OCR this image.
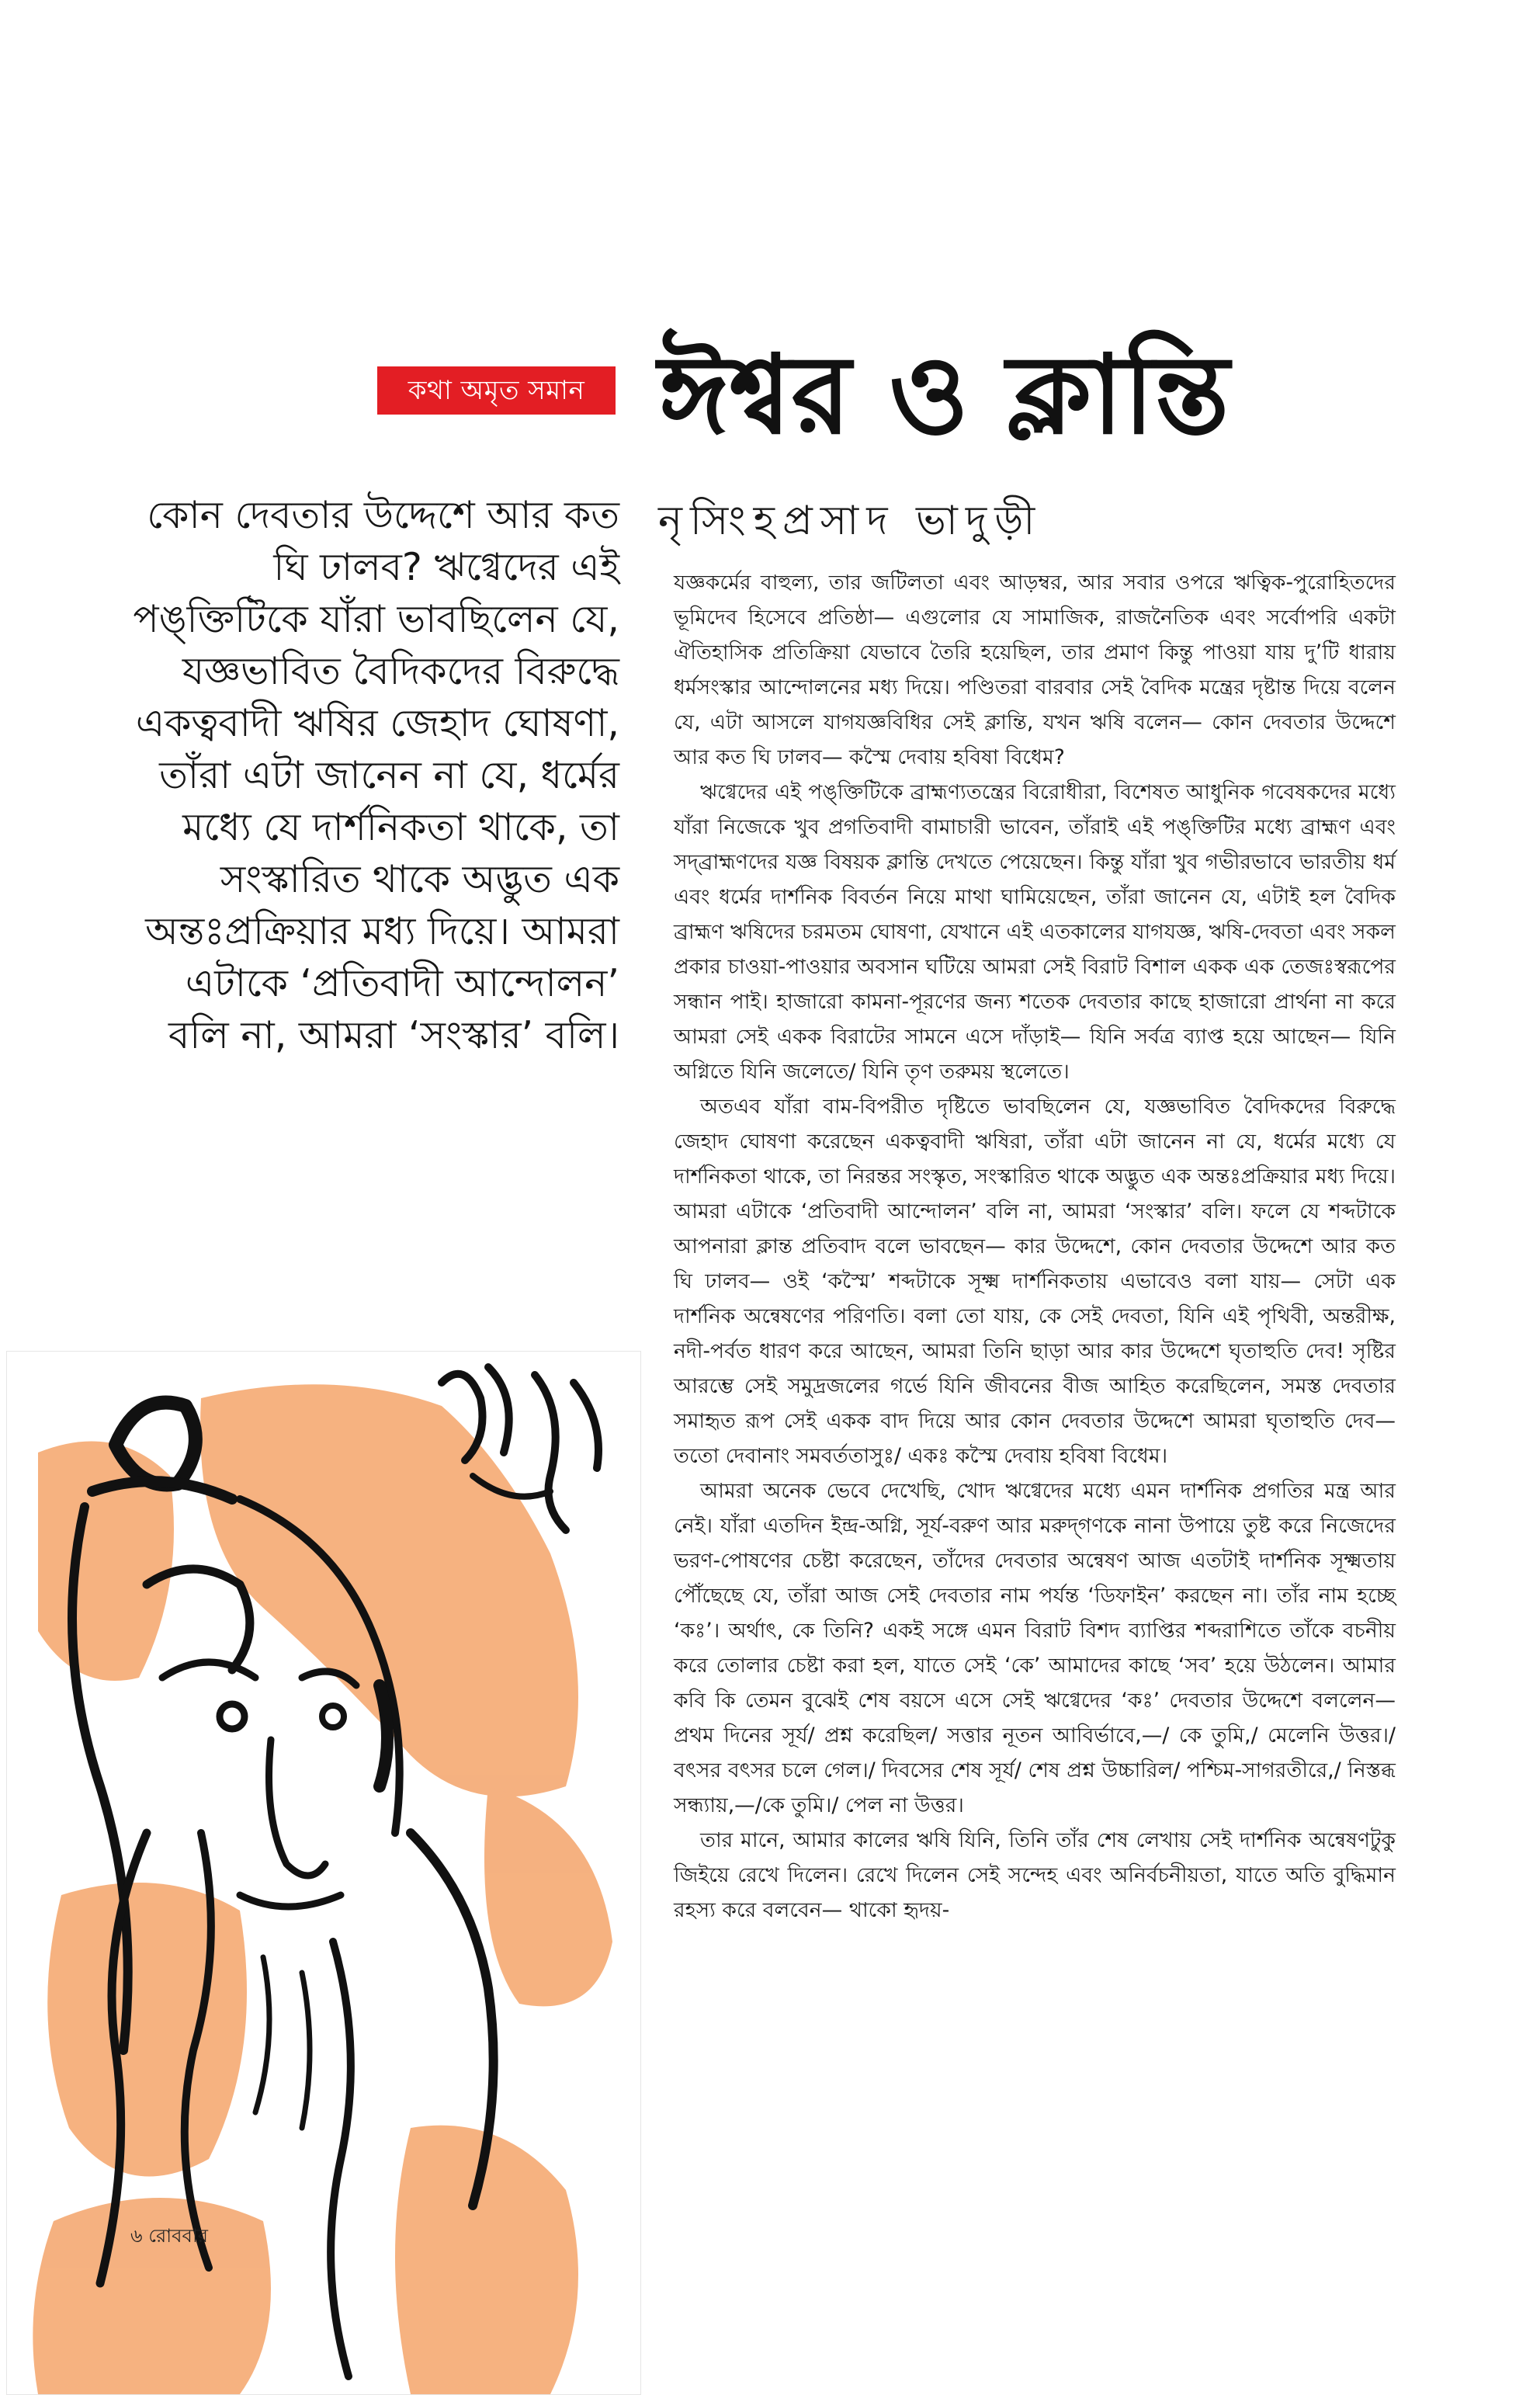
কথা অমৃত সমান ঈশ্বর ও ক্লান্তি
নৃসিংহপ্রসাদ ভাদুড়ী
কোন দেবতার উদ্দেশে আর কত ঘি ঢালব? ঋগ্বেদের এই পঙ্‌ক্তিটিকে যাঁরা ভাবছিলেন যে, যজ্ঞভাবিত বৈদিকদের বিরুদ্ধে একত্ববাদী ঋষির জেহাদ ঘোষণা, তাঁরা এটা জানেন না যে, ধর্মের মধ্যে যে দার্শনিকতা থাকে, তা সংস্কারিত থাকে অদ্ভুত এক অন্তঃপ্রক্রিয়ার মধ্য দিয়ে। আমরা এটাকে ‘প্রতিবাদী আন্দোলন’ বলি না, আমরা ‘সংস্কার’ বলি।

যজ্ঞকর্মের বাহুল্য, তার জটিলতা এবং আড়ম্বর, আর সবার ওপরে ঋত্বিক-পুরোহিতদের ভূমিদেব হিসেবে প্রতিষ্ঠা— এগুলোর যে সামাজিক, রাজনৈতিক এবং সর্বোপরি একটা ঐতিহাসিক প্রতিক্রিয়া যেভাবে তৈরি হয়েছিল, তার প্রমাণ কিন্তু পাওয়া যায় দু’টি ধারায় ধর্মসংস্কার আন্দোলনের মধ্য দিয়ে। পণ্ডিতরা বারবার সেই বৈদিক মন্ত্রের দৃষ্টান্ত দিয়ে বলেন যে, এটা আসলে যাগযজ্ঞবিধির সেই ক্লান্তি, যখন ঋষি বলেন— কোন দেবতার উদ্দেশে আর কত ঘি ঢালব— কস্মৈ দেবায় হবিষা বিধেম?

ঋগ্বেদের এই পঙ্‌ক্তিটিকে ব্রাহ্মণ্যতন্ত্রের বিরোধীরা, বিশেষত আধুনিক গবেষকদের মধ্যে যাঁরা নিজেকে খুব প্রগতিবাদী বামাচারী ভাবেন, তাঁরাই এই পঙ্‌ক্তিটির মধ্যে ব্রাহ্মণ এবং সদ্‌ব্রাহ্মণদের যজ্ঞ বিষয়ক ক্লান্তি দেখতে পেয়েছেন। কিন্তু যাঁরা খুব গভীরভাবে ভারতীয় ধর্ম এবং ধর্মের দার্শনিক বিবর্তন নিয়ে মাথা ঘামিয়েছেন, তাঁরা জানেন যে, এটাই হল বৈদিক ব্রাহ্মণ ঋষিদের চরমতম ঘোষণা, যেখানে এই এতকালের যাগযজ্ঞ, ঋষি-দেবতা এবং সকল প্রকার চাওয়া-পাওয়ার অবসান ঘটিয়ে আমরা সেই বিরাট বিশাল একক এক তেজঃস্বরূপের সন্ধান পাই। হাজারো কামনা-পূরণের জন্য শতেক দেবতার কাছে হাজারো প্রার্থনা না করে আমরা সেই একক বিরাটের সামনে এসে দাঁড়াই— যিনি সর্বত্র ব্যাপ্ত হয়ে আছেন— যিনি অগ্নিতে যিনি জলেতে/ যিনি তৃণ তরুময় স্থলেতে।

অতএব যাঁরা বাম-বিপরীত দৃষ্টিতে ভাবছিলেন যে, যজ্ঞভাবিত বৈদিকদের বিরুদ্ধে জেহাদ ঘোষণা করেছেন একত্ববাদী ঋষিরা, তাঁরা এটা জানেন না যে, ধর্মের মধ্যে যে দার্শনিকতা থাকে, তা নিরন্তর সংস্কৃত, সংস্কারিত থাকে অদ্ভুত এক অন্তঃপ্রক্রিয়ার মধ্য দিয়ে। আমরা এটাকে ‘প্রতিবাদী আন্দোলন’ বলি না, আমরা ‘সংস্কার’ বলি। ফলে যে শব্দটাকে আপনারা ক্লান্ত প্রতিবাদ বলে ভাবছেন— কার উদ্দেশে, কোন দেবতার উদ্দেশে আর কত ঘি ঢালব— ওই ‘কস্মৈ’ শব্দটাকে সূক্ষ্ম দার্শনিকতায় এভাবেও বলা যায়— সেটা এক দার্শনিক অন্বেষণের পরিণতি। বলা তো যায়, কে সেই দেবতা, যিনি এই পৃথিবী, অন্তরীক্ষ, নদী-পর্বত ধারণ করে আছেন, আমরা তিনি ছাড়া আর কার উদ্দেশে ঘৃতাহুতি দেব! সৃষ্টির আরম্ভে সেই সমুদ্রজলের গর্ভে যিনি জীবনের বীজ আহিত করেছিলেন, সমস্ত দেবতার সমাহৃত রূপ সেই একক বাদ দিয়ে আর কোন দেবতার উদ্দেশে আমরা ঘৃতাহুতি দেব— ততো দেবানাং সমবর্ততাসুঃ/ একঃ কস্মৈ দেবায় হবিষা বিধেম।

আমরা অনেক ভেবে দেখেছি, খোদ ঋগ্বেদের মধ্যে এমন দার্শনিক প্রগতির মন্ত্র আর নেই। যাঁরা এতদিন ইন্দ্র-অগ্নি, সূর্য-বরুণ আর মরুদ্‌গণকে নানা উপায়ে তুষ্ট করে নিজেদের ভরণ-পোষণের চেষ্টা করেছেন, তাঁদের দেবতার অন্বেষণ আজ এতটাই দার্শনিক সূক্ষ্মতায় পৌঁছেছে যে, তাঁরা আজ সেই দেবতার নাম পর্যন্ত ‘ডিফাইন’ করছেন না। তাঁর নাম হচ্ছে ‘কঃ’। অর্থাৎ, কে তিনি? একই সঙ্গে এমন বিরাট বিশদ ব্যাপ্তির শব্দরাশিতে তাঁকে বচনীয় করে তোলার চেষ্টা করা হল, যাতে সেই ‘কে’ আমাদের কাছে ‘সব’ হয়ে উঠলেন। আমার কবি কি তেমন বুঝেই শেষ বয়সে এসে সেই ঋগ্বেদের ‘কঃ’ দেবতার উদ্দেশে বললেন— প্রথম দিনের সূর্য/ প্রশ্ন করেছিল/ সত্তার নূতন আবির্ভাবে,—/ কে তুমি,/ মেলেনি উত্তর।/ বৎসর বৎসর চলে গেল।/ দিবসের শেষ সূর্য/ শেষ প্রশ্ন উচ্চারিল/ পশ্চিম-সাগরতীরে,/ নিস্তব্ধ সন্ধ্যায়,—/কে তুমি।/ পেল না উত্তর।

তার মানে, আমার কালের ঋষি যিনি, তিনি তাঁর শেষ লেখায় সেই দার্শনিক অন্বেষণটুকু জিইয়ে রেখে দিলেন। রেখে দিলেন সেই সন্দেহ এবং অনির্বচনীয়তা, যাতে অতি বুদ্ধিমান রহস্য করে বলবেন— থাকো হৃদয়-

৬ রোববার
